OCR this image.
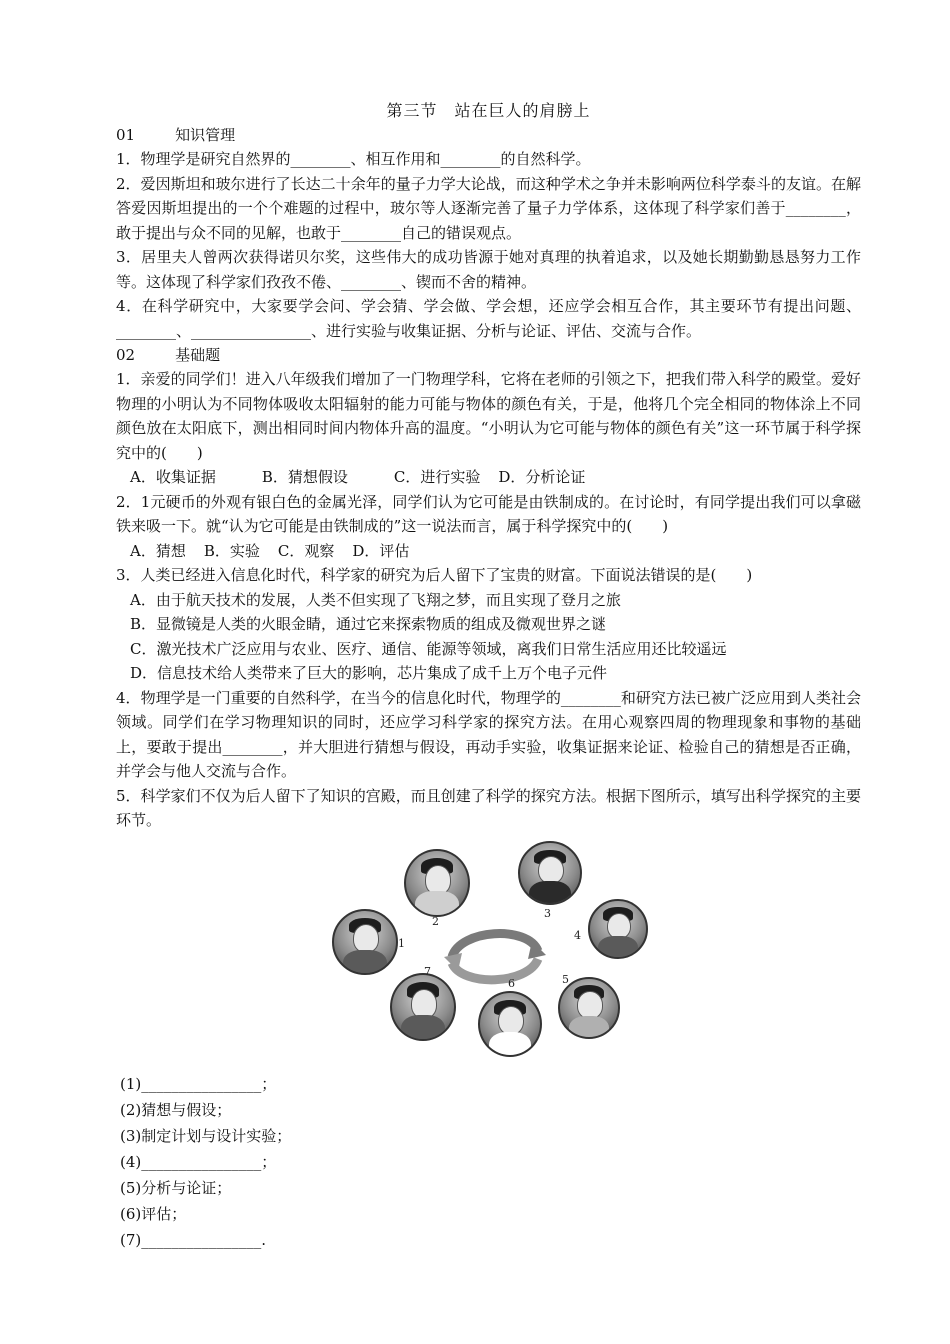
第三节　站在巨人的肩膀上
01	知识管理

1．物理学是研究自然界的________、相互作用和________的自然科学。

2．爱因斯坦和玻尔进行了长达二十余年的量子力学大论战，而这种学术之争并未影响两位科学泰斗的友谊。在解答爱因斯坦提出的一个个难题的过程中，玻尔等人逐渐完善了量子力学体系，这体现了科学家们善于________，敢于提出与众不同的见解，也敢于________自己的错误观点。

3．居里夫人曾两次获得诺贝尔奖，这些伟大的成功皆源于她对真理的执着追求，以及她长期勤勤恳恳努力工作等。这体现了科学家们孜孜不倦、________、锲而不舍的精神。

4．在科学研究中，大家要学会问、学会猜、学会做、学会想，还应学会相互合作，其主要环节有提出问题、________、________________、进行实验与收集证据、分析与论证、评估、交流与合作。

02	基础题

1．亲爱的同学们！进入八年级我们增加了一门物理学科，它将在老师的引领之下，把我们带入科学的殿堂。爱好物理的小明认为不同物体吸收太阳辐射的能力可能与物体的颜色有关，于是，他将几个完全相同的物体涂上不同颜色放在太阳底下，测出相同时间内物体升高的温度。“小明认为它可能与物体的颜色有关”这一环节属于科学探究中的(　　)

A．收集证据	B．猜想假设	C．进行实验 D．分析论证

2．1元硬币的外观有银白色的金属光泽，同学们认为它可能是由铁制成的。在讨论时，有同学提出我们可以拿磁铁来吸一下。就“认为它可能是由铁制成的”这一说法而言，属于科学探究中的(　　)

A．猜想 B．实验 C．观察 D．评估

3．人类已经进入信息化时代，科学家的研究为后人留下了宝贵的财富。下面说法错误的是(　　)

A．由于航天技术的发展，人类不但实现了飞翔之梦，而且实现了登月之旅
B．显微镜是人类的火眼金睛，通过它来探索物质的组成及微观世界之谜
C．激光技术广泛应用与农业、医疗、通信、能源等领域，离我们日常生活应用还比较遥远
D．信息技术给人类带来了巨大的影响，芯片集成了成千上万个电子元件

4．物理学是一门重要的自然科学，在当今的信息化时代，物理学的________和研究方法已被广泛应用到人类社会领域。同学们在学习物理知识的同时，还应学习科学家的探究方法。在用心观察四周的物理现象和事物的基础上，要敢于提出________，并大胆进行猜想与假设，再动手实验，收集证据来论证、检验自己的猜想是否正确，并学会与他人交流与合作。

5．科学家们不仅为后人留下了知识的宫殿，而且创建了科学的探究方法。根据下图所示，填写出科学探究的主要环节。

1
2
3
4
5
6
7
(1)________________；
(2)猜想与假设；
(3)制定计划与设计实验；
(4)________________；
(5)分析与论证；
(6)评估；
(7)________________.
